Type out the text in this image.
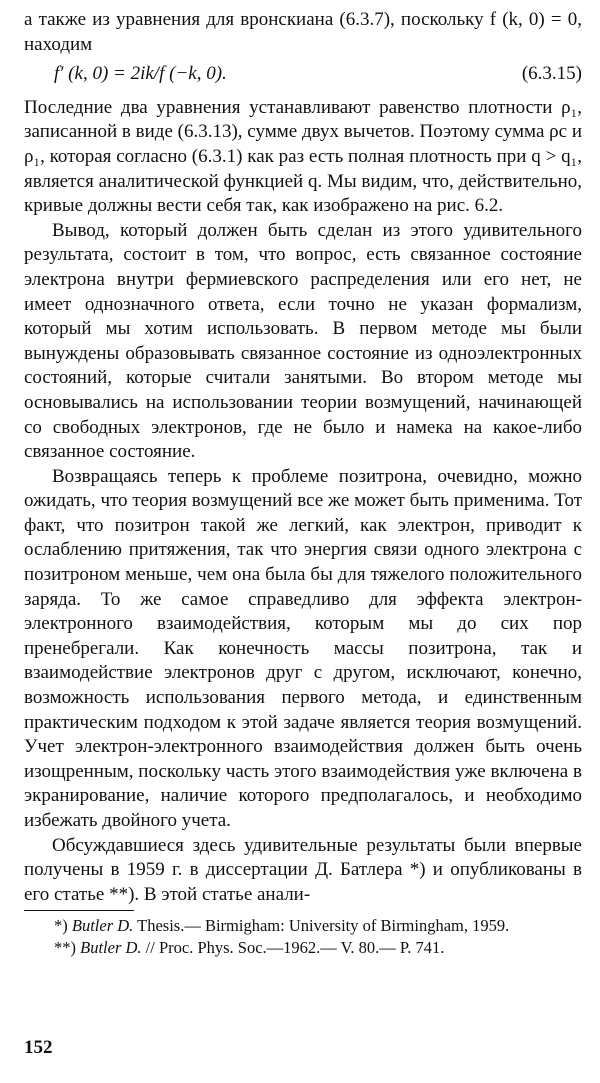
а также из уравнения для вронскиана (6.3.7), поскольку f (k, 0) = 0, находим

f′ (k, 0) = 2ik/f (−k, 0).	(6.3.15)

Последние два уравнения устанавливают равенство плотности ρ₁, записанной в виде (6.3.13), сумме двух вычетов. Поэтому сумма ρc и ρ₁, которая согласно (6.3.1) как раз есть полная плотность при q > q₁, является аналитической функцией q. Мы видим, что, действительно, кривые должны вести себя так, как изображено на рис. 6.2.

Вывод, который должен быть сделан из этого удивительного результата, состоит в том, что вопрос, есть связанное состояние электрона внутри фермиевского распределения или его нет, не имеет однозначного ответа, если точно не указан формализм, который мы хотим использовать. В первом методе мы были вынуждены образовывать связанное состояние из одноэлектронных состояний, которые считали занятыми. Во втором методе мы основывались на использовании теории возмущений, начинающей со свободных электронов, где не было и намека на какое-либо связанное состояние.

Возвращаясь теперь к проблеме позитрона, очевидно, можно ожидать, что теория возмущений все же может быть применима. Тот факт, что позитрон такой же легкий, как электрон, приводит к ослаблению притяжения, так что энергия связи одного электрона с позитроном меньше, чем она была бы для тяжелого положительного заряда. То же самое справедливо для эффекта электрон-электронного взаимодействия, которым мы до сих пор пренебрегали. Как конечность массы позитрона, так и взаимодействие электронов друг с другом, исключают, конечно, возможность использования первого метода, и единственным практическим подходом к этой задаче является теория возмущений. Учет электрон-электронного взаимодействия должен быть очень изощренным, поскольку часть этого взаимодействия уже включена в экранирование, наличие которого предполагалось, и необходимо избежать двойного учета.

Обсуждавшиеся здесь удивительные результаты были впервые получены в 1959 г. в диссертации Д. Батлера *) и опубликованы в его статье **). В этой статье анали-

*) Butler D. Thesis.— Birmigham: University of Birmingham, 1959.

**) Butler D. // Proc. Phys. Soc.—1962.— V. 80.— P. 741.

152
